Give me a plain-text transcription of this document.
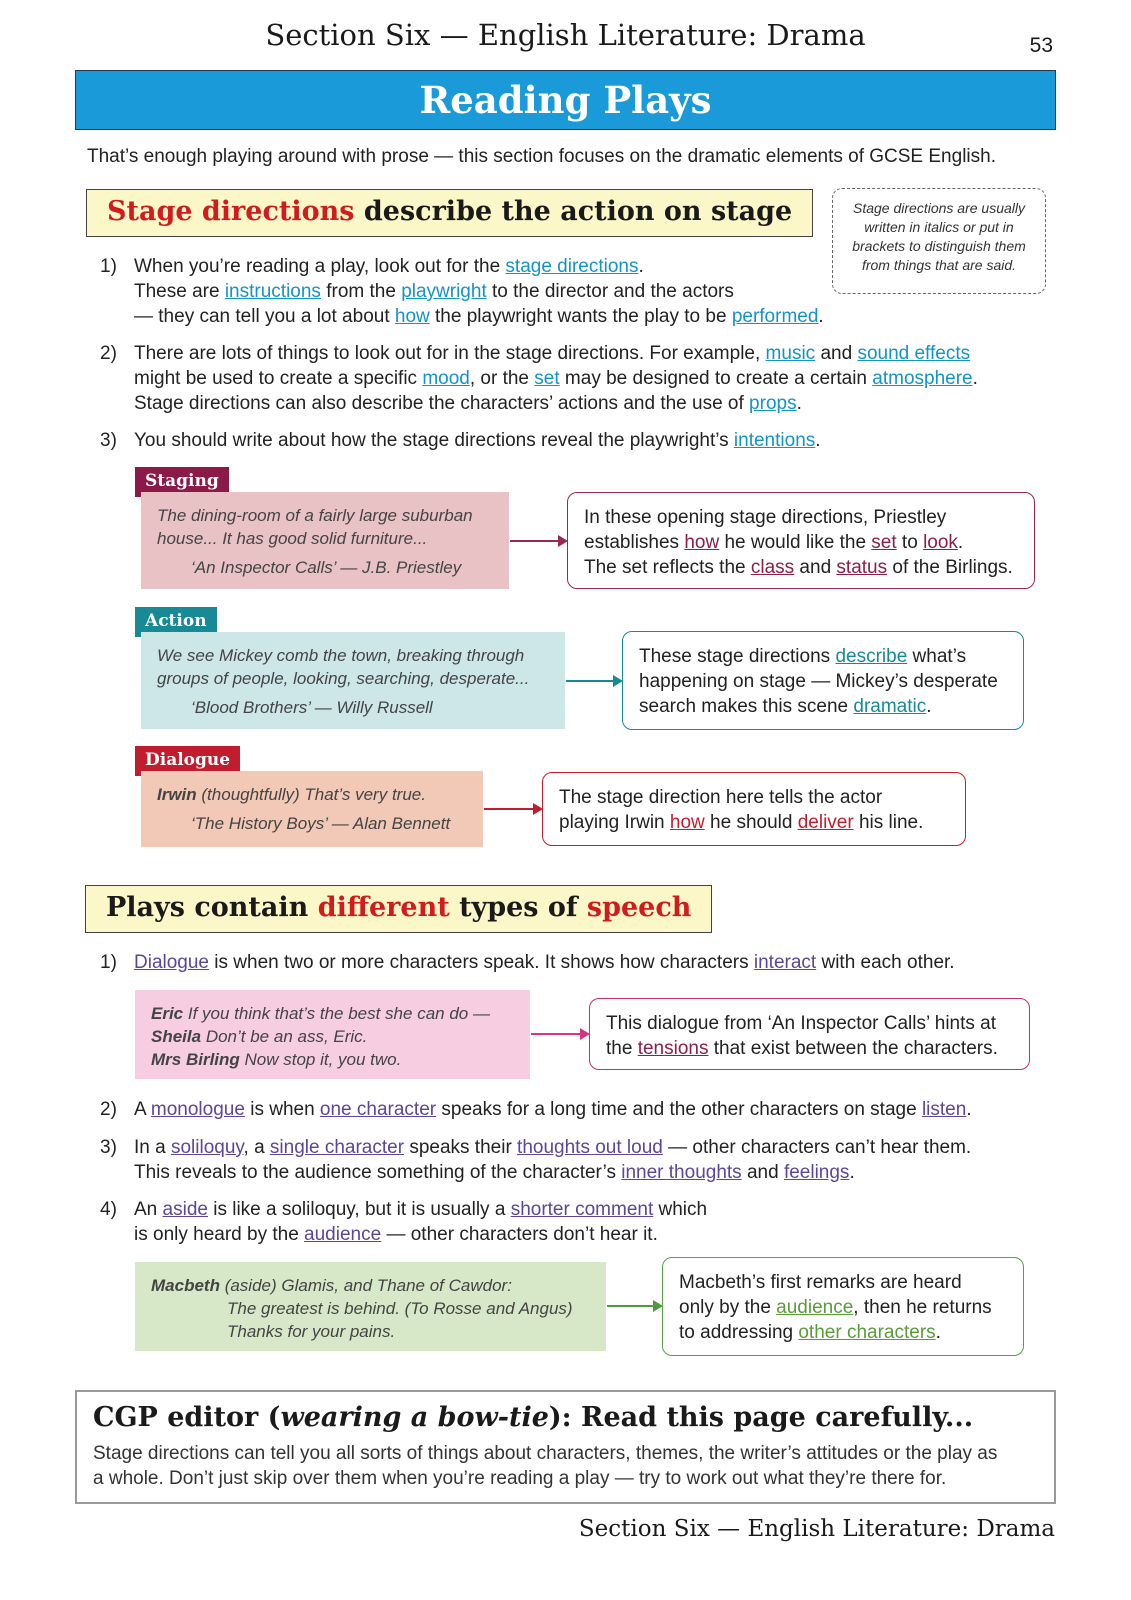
Section Six — English Literature: Drama	53
Reading Plays
That’s enough playing around with prose — this section focuses on the dramatic elements of GCSE English.
Stage directions describe the action on stage	Stage directions are usually written in italics or put in brackets to distinguish them from things that are said.
1) When you’re reading a play, look out for the stage directions.
These are instructions from the playwright to the director and the actors
— they can tell you a lot about how the playwright wants the play to be performed.
2) There are lots of things to look out for in the stage directions. For example, music and sound effects
might be used to create a specific mood, or the set may be designed to create a certain atmosphere.
Stage directions can also describe the characters’ actions and the use of props.
3) You should write about how the stage directions reveal the playwright’s intentions.
Staging
The dining-room of a fairly large suburban
house... It has good solid furniture...
‘An Inspector Calls’ — J.B. Priestley
In these opening stage directions, Priestley
establishes how he would like the set to look.
The set reflects the class and status of the Birlings.
Action
We see Mickey comb the town, breaking through
groups of people, looking, searching, desperate...
‘Blood Brothers’ — Willy Russell
These stage directions describe what’s
happening on stage — Mickey’s desperate
search makes this scene dramatic.
Dialogue
Irwin (thoughtfully) That’s very true.
‘The History Boys’ — Alan Bennett
The stage direction here tells the actor
playing Irwin how he should deliver his line.
Plays contain different types of speech
1) Dialogue is when two or more characters speak. It shows how characters interact with each other.
Eric If you think that’s the best she can do —
Sheila Don’t be an ass, Eric.
Mrs Birling Now stop it, you two.
This dialogue from ‘An Inspector Calls’ hints at
the tensions that exist between the characters.
2) A monologue is when one character speaks for a long time and the other characters on stage listen.
3) In a soliloquy, a single character speaks their thoughts out loud — other characters can’t hear them.
This reveals to the audience something of the character’s inner thoughts and feelings.
4) An aside is like a soliloquy, but it is usually a shorter comment which
is only heard by the audience — other characters don’t hear it.
Macbeth (aside) Glamis, and Thane of Cawdor:
The greatest is behind. (To Rosse and Angus)
Thanks for your pains.
Macbeth’s first remarks are heard
only by the audience, then he returns
to addressing other characters.
CGP editor (wearing a bow-tie): Read this page carefully...
Stage directions can tell you all sorts of things about characters, themes, the writer’s attitudes or the play as
a whole. Don’t just skip over them when you’re reading a play — try to work out what they’re there for.
Section Six — English Literature: Drama
